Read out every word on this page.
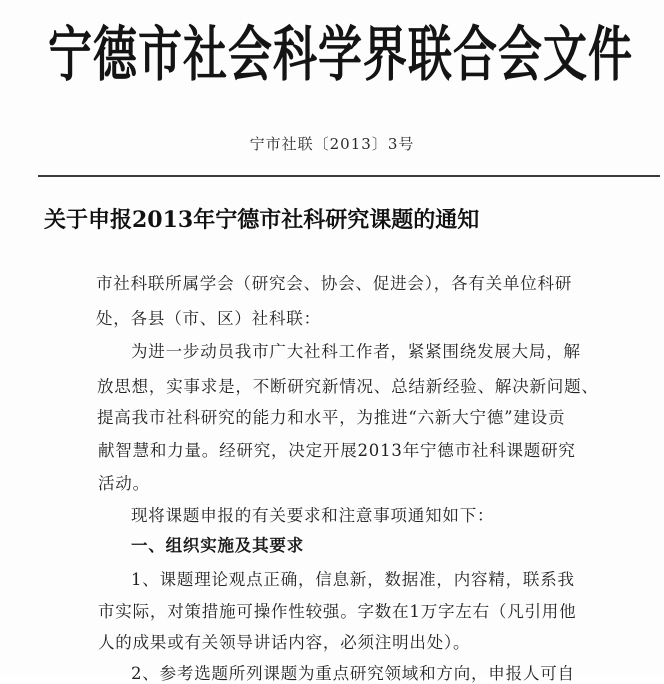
宁德市社会科学界联合会文件
宁市社联〔2013〕3号
关于申报2013年宁德市社科研究课题的通知
市社科联所属学会（研究会、协会、促进会），各有关单位科研
处，各县（市、区）社科联：
为进一步动员我市广大社科工作者，紧紧围绕发展大局，解
放思想，实事求是，不断研究新情况、总结新经验、解决新问题、
提高我市社科研究的能力和水平，为推进“六新大宁德”建设贡
献智慧和力量。经研究，决定开展2013年宁德市社科课题研究
活动。
现将课题申报的有关要求和注意事项通知如下：
一、组织实施及其要求
1、课题理论观点正确，信息新，数据准，内容精，联系我
市实际，对策措施可操作性较强。字数在1万字左右（凡引用他
人的成果或有关领导讲话内容，必须注明出处）。
2、参考选题所列课题为重点研究领域和方向，申报人可自
